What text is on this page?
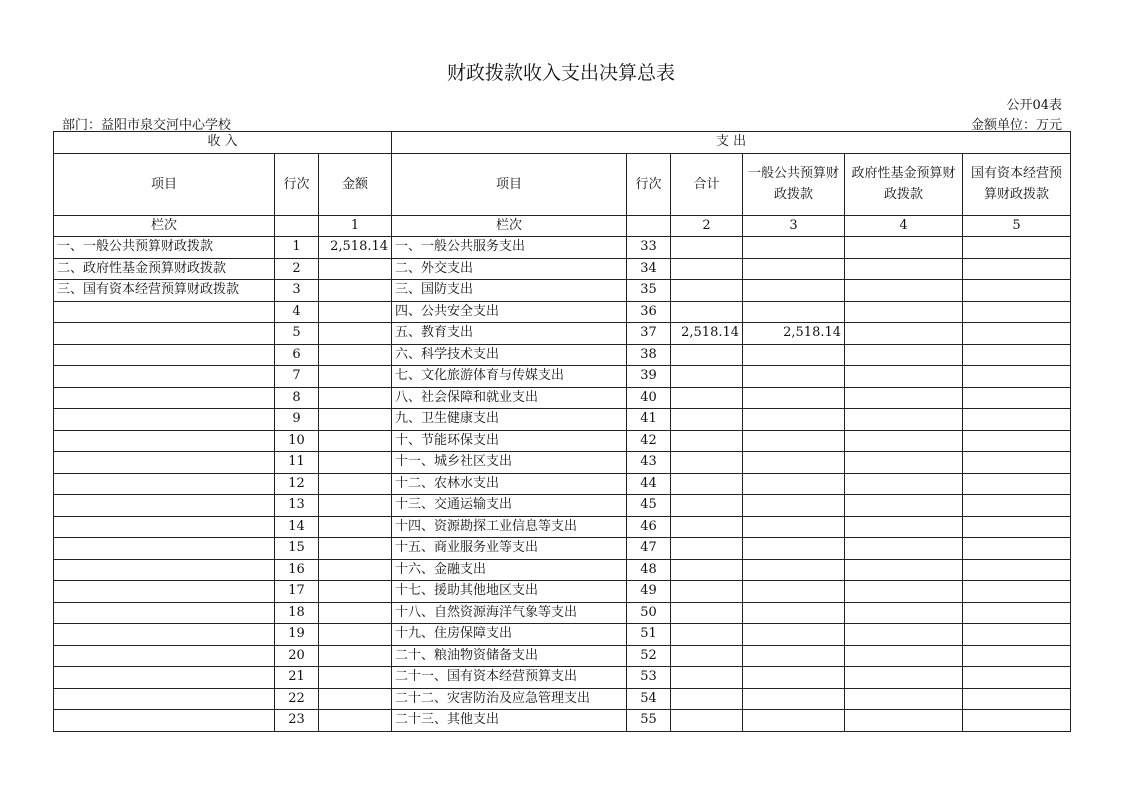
财政拨款收入支出决算总表
公开04表
部门：益阳市泉交河中心学校	金额单位：万元
收 入			支 出					
项目	行次	金额	项目	行次	合计	一般公共预算财政拨款	政府性基金预算财政拨款	国有资本经营预算财政拨款
栏次		1	栏次		2	3	4	5
一、一般公共预算财政拨款	1	2,518.14	一、一般公共服务支出	33				
二、政府性基金预算财政拨款	2		二、外交支出	34				
三、国有资本经营预算财政拨款	3		三、国防支出	35				
	4		四、公共安全支出	36				
	5		五、教育支出	37	2,518.14	2,518.14		
	6		六、科学技术支出	38				
	7		七、文化旅游体育与传媒支出	39				
	8		八、社会保障和就业支出	40				
	9		九、卫生健康支出	41				
	10		十、节能环保支出	42				
	11		十一、城乡社区支出	43				
	12		十二、农林水支出	44				
	13		十三、交通运输支出	45				
	14		十四、资源勘探工业信息等支出	46				
	15		十五、商业服务业等支出	47				
	16		十六、金融支出	48				
	17		十七、援助其他地区支出	49				
	18		十八、自然资源海洋气象等支出	50				
	19		十九、住房保障支出	51				
	20		二十、粮油物资储备支出	52				
	21		二十一、国有资本经营预算支出	53				
	22		二十二、灾害防治及应急管理支出	54				
	23		二十三、其他支出	55				
